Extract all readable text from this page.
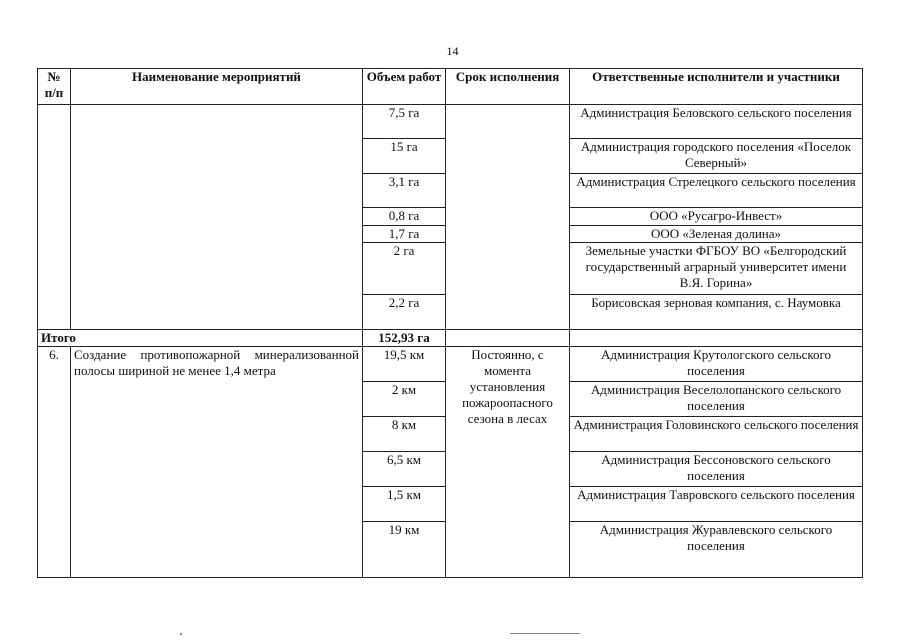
14
№ п/п	Наименование мероприятий	Объем работ	Срок исполнения	Ответственные исполнители и участники
		7,5 га		Администрация Беловского сельского поселения
		15 га		Администрация городского поселения «Поселок Северный»
		3,1 га		Администрация Стрелецкого сельского поселения
		0,8 га		ООО «Русагро-Инвест»
		1,7 га		ООО «Зеленая долина»
		2 га		Земельные участки ФГБОУ ВО «Белгородский государственный аграрный университет имени В.Я. Горина»
		2,2 га		Борисовская зерновая компания, с. Наумовка
Итого		152,93 га		
6.	Создание противопожарной минерализованной полосы шириной не менее 1,4 метра	19,5 км	Постоянно, с момента установления пожароопасного сезона в лесах	Администрация Крутологского сельского поселения
		2 км		Администрация Веселолопанского сельского поселения
		8 км		Администрация Головинского сельского поселения
		6,5 км		Администрация Бессоновского сельского поселения
		1,5 км		Администрация Тавровского сельского поселения
		19 км		Администрация Журавлевского сельского поселения
